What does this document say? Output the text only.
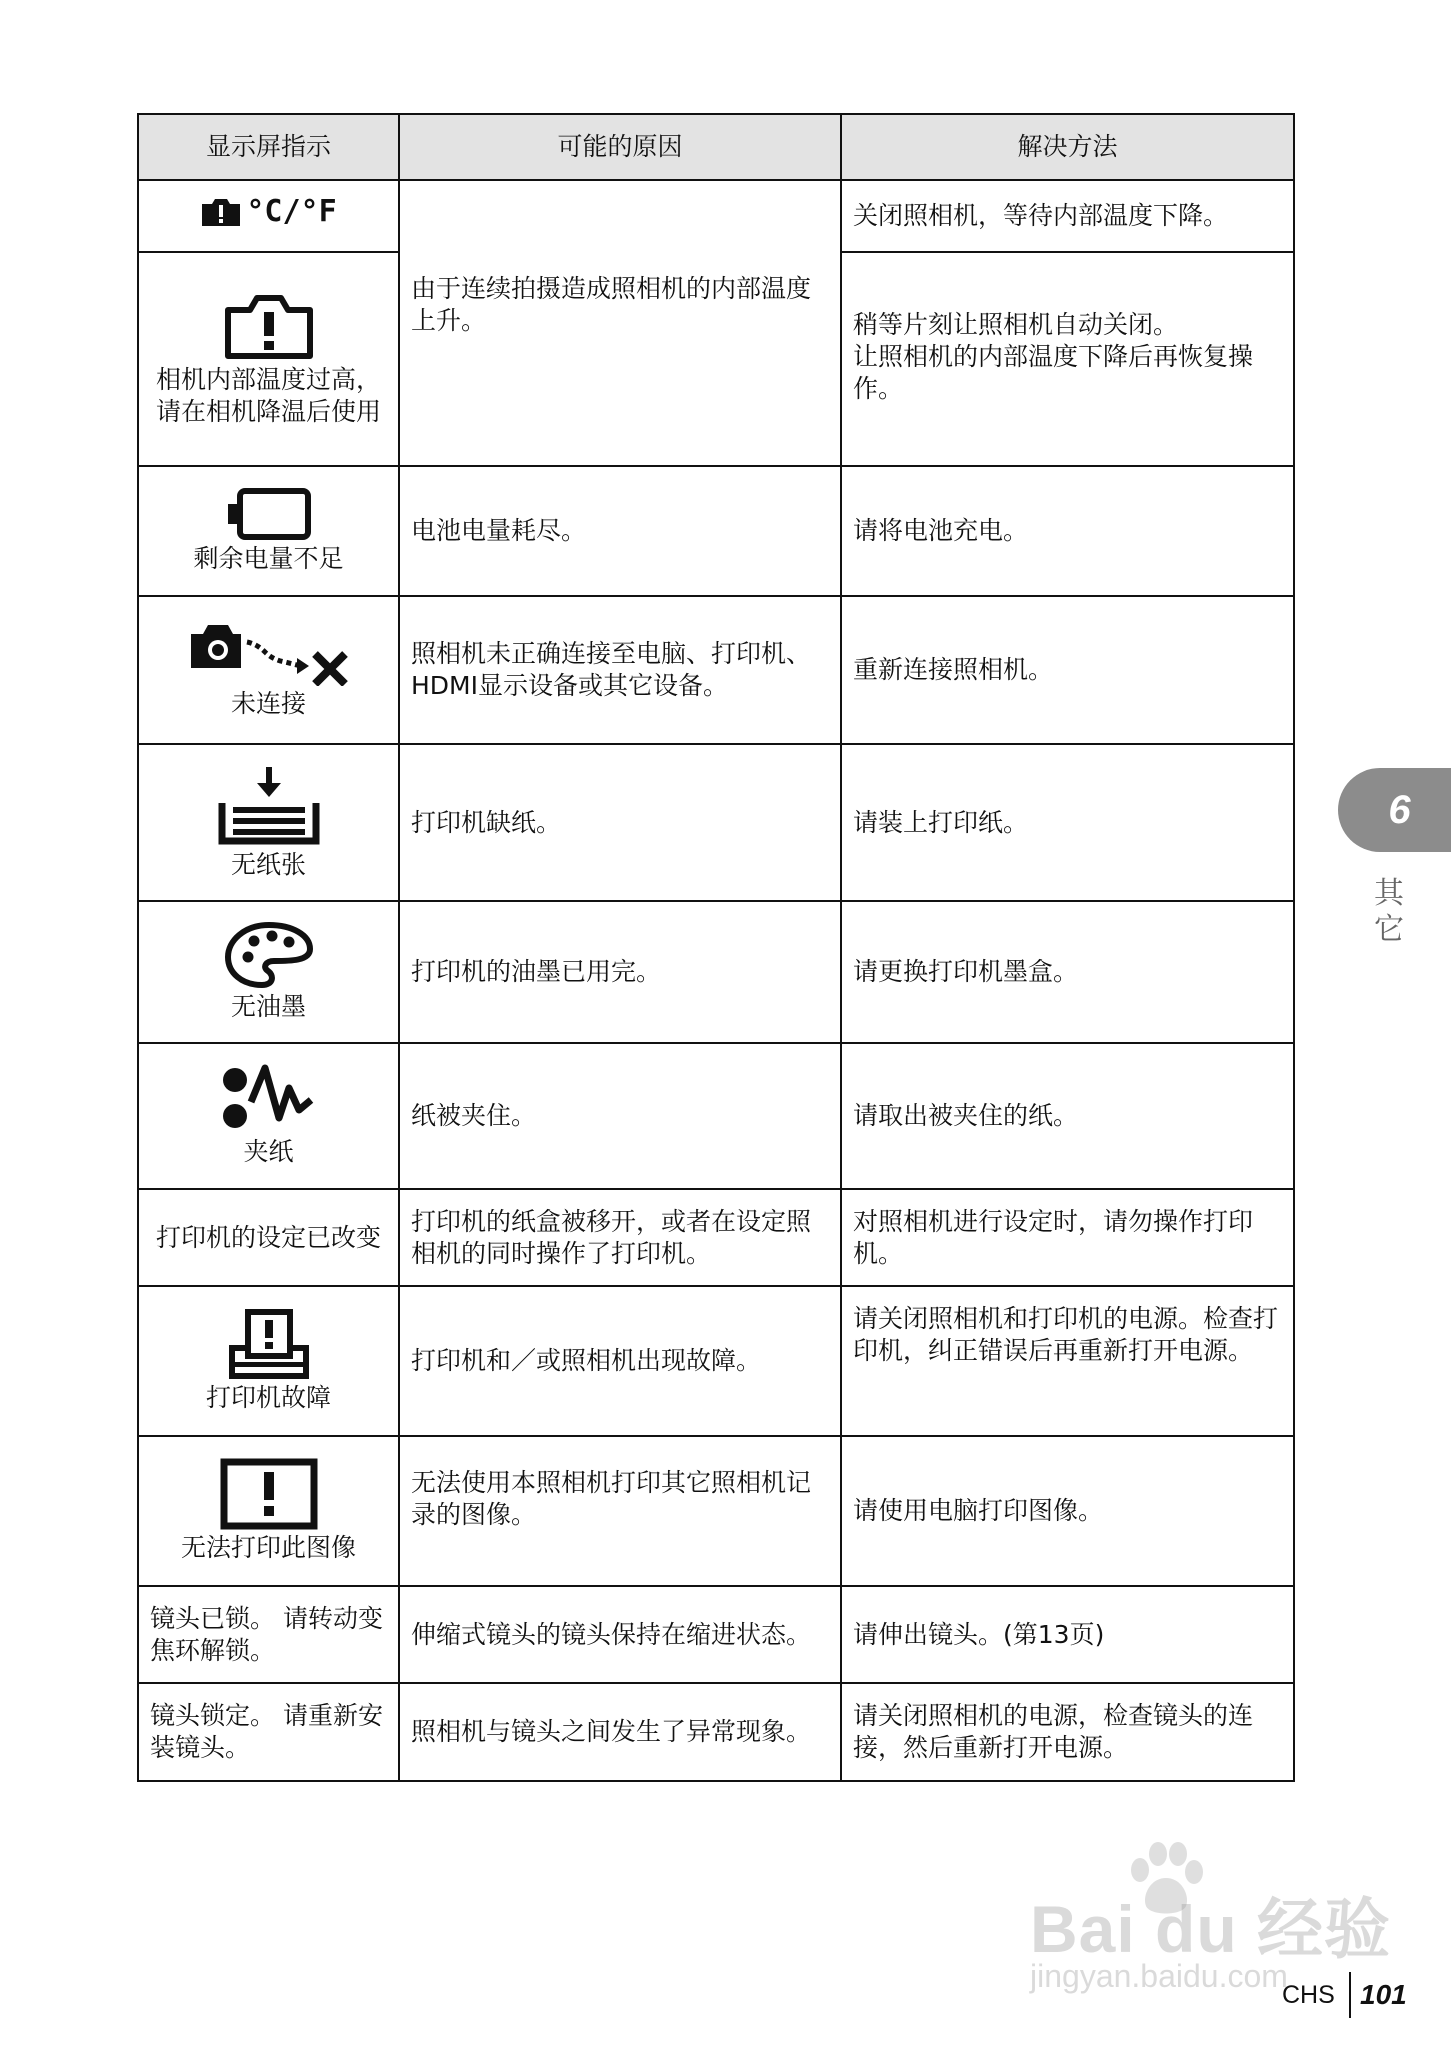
显示屏指示	可能的原因	解决方法

°C/°F	由于连续拍摄造成照相机的内部温度上升。	关闭照相机，等待内部温度下降。

相机内部温度过高， 请在相机降温后使用		稍等片刻让照相机自动关闭。
让照相机的内部温度下降后再恢复操作。

剩余电量不足	电池电量耗尽。	请将电池充电。

未连接	照相机未正确连接至电脑、打印机、HDMI显示设备或其它设备。	重新连接照相机。

无纸张	打印机缺纸。	请装上打印纸。

无油墨	打印机的油墨已用完。	请更换打印机墨盒。

夹纸	纸被夹住。	请取出被夹住的纸。

打印机的设定已改变	打印机的纸盒被移开，或者在设定照相机的同时操作了打印机。	对照相机进行设定时，请勿操作打印机。

打印机故障	打印机和／或照相机出现故障。	请关闭照相机和打印机的电源。检查打印机，纠正错误后再重新打开电源。

无法打印此图像	无法使用本照相机打印其它照相机记录的图像。	请使用电脑打印图像。
镜头已锁。 请转动变焦环解锁。	伸缩式镜头的镜头保持在缩进状态。	请伸出镜头。(第13页)
镜头锁定。 请重新安装镜头。	照相机与镜头之间发生了异常现象。	请关闭照相机的电源，检查镜头的连接，然后重新打开电源。
6
其它
Bai du 经验
jingyan.baidu.com
CHS 101
